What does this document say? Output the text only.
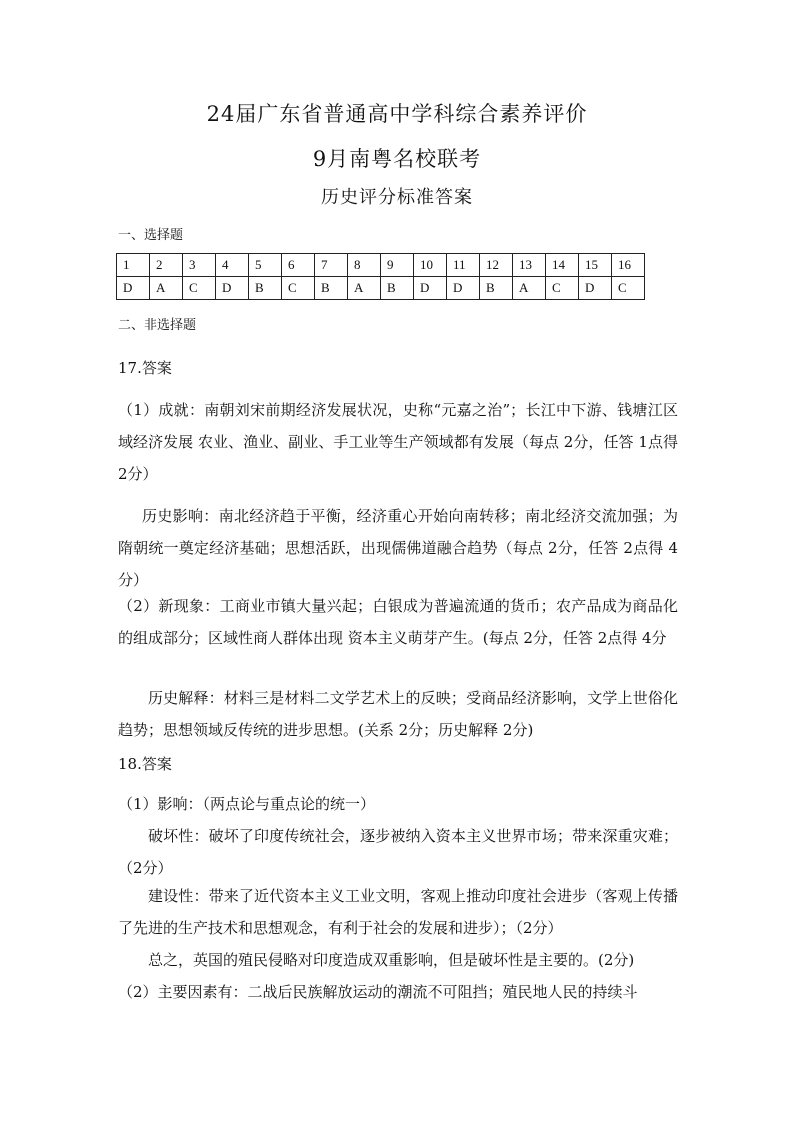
24届广东省普通高中学科综合素养评价
9月南粤名校联考
历史评分标准答案
一、选择题
1	2	3	4	5	6	7	8	9	10	11	12	13	14	15	16
D	A	C	D	B	C	B	A	B	D	D	B	A	C	D	C
二、非选择题
17.答案
（1）成就：南朝刘宋前期经济发展状况，史称“元嘉之治”；长江中下游、钱塘江区域经济发展 农业、渔业、副业、手工业等生产领域都有发展（每点 2分，任答 1点得 2分）
历史影响：南北经济趋于平衡，经济重心开始向南转移；南北经济交流加强；为隋朝统一奠定经济基础；思想活跃，出现儒佛道融合趋势（每点 2分，任答 2点得 4分）
（2）新现象：工商业市镇大量兴起；白银成为普遍流通的货币；农产品成为商品化的组成部分；区域性商人群体出现 资本主义萌芽产生。(每点 2分，任答 2点得 4分
历史解释：材料三是材料二文学艺术上的反映；受商品经济影响，文学上世俗化趋势；思想领域反传统的进步思想。(关系 2分；历史解释 2分)
18.答案
（1）影响：（两点论与重点论的统一）
破坏性：破坏了印度传统社会，逐步被纳入资本主义世界市场；带来深重灾难；（2分）
建设性：带来了近代资本主义工业文明，客观上推动印度社会进步（客观上传播了先进的生产技术和思想观念，有利于社会的发展和进步）；（2分）
总之，英国的殖民侵略对印度造成双重影响，但是破坏性是主要的。(2分)
（2）主要因素有：二战后民族解放运动的潮流不可阻挡；殖民地人民的持续斗
